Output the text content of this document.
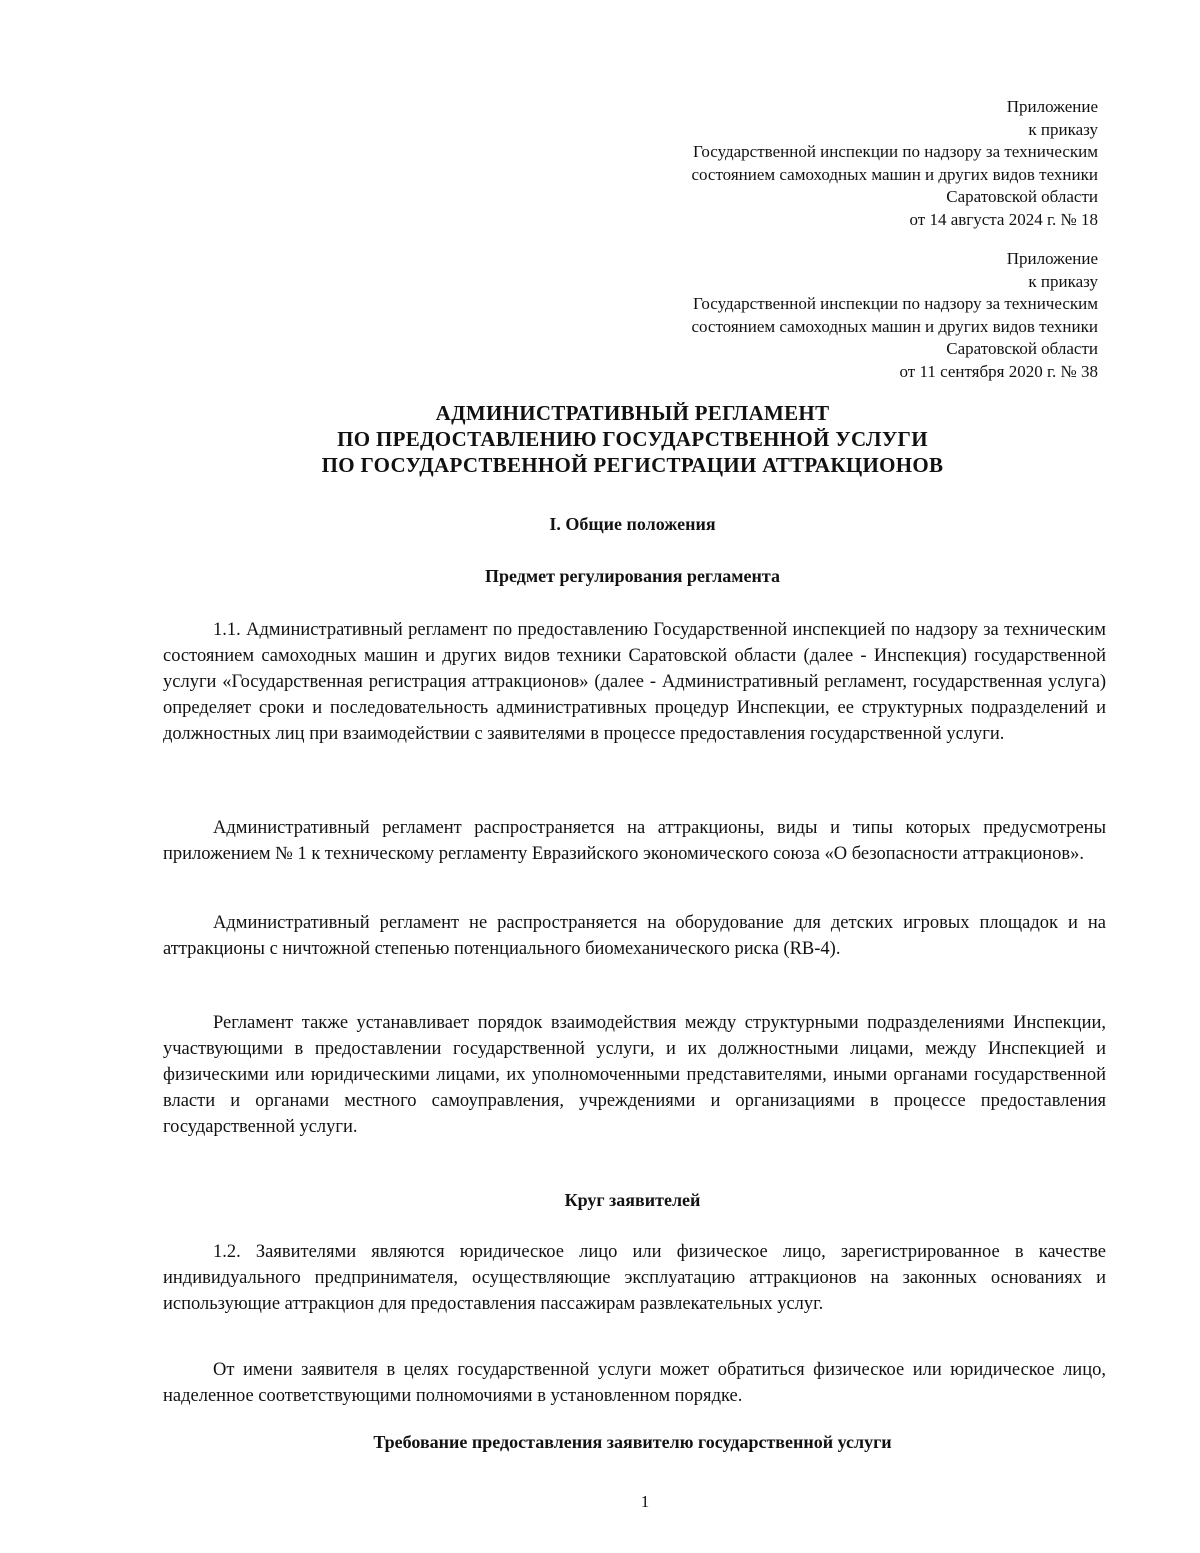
Приложение
к приказу
Государственной инспекции по надзору за техническим
состоянием самоходных машин и других видов техники
Саратовской области
от 14 августа 2024 г. № 18
Приложение
к приказу
Государственной инспекции по надзору за техническим
состоянием самоходных машин и других видов техники
Саратовской области
от 11 сентября 2020 г. № 38
АДМИНИСТРАТИВНЫЙ РЕГЛАМЕНТ
ПО ПРЕДОСТАВЛЕНИЮ ГОСУДАРСТВЕННОЙ УСЛУГИ
ПО ГОСУДАРСТВЕННОЙ РЕГИСТРАЦИИ АТТРАКЦИОНОВ
I. Общие положения
Предмет регулирования регламента
1.1. Административный регламент по предоставлению Государственной инспекцией по надзору за техническим состоянием самоходных машин и других видов техники Саратовской области (далее - Инспекция) государственной услуги «Государственная регистрация аттракционов» (далее - Административный регламент, государственная услуга) определяет сроки и последовательность административных процедур Инспекции, ее структурных подразделений и должностных лиц при взаимодействии с заявителями в процессе предоставления государственной услуги.
Административный регламент распространяется на аттракционы, виды и типы которых предусмотрены приложением № 1 к техническому регламенту Евразийского экономического союза «О безопасности аттракционов».
Административный регламент не распространяется на оборудование для детских игровых площадок и на аттракционы с ничтожной степенью потенциального биомеханического риска (RB-4).
Регламент также устанавливает порядок взаимодействия между структурными подразделениями Инспекции, участвующими в предоставлении государственной услуги, и их должностными лицами, между Инспекцией и физическими или юридическими лицами, их уполномоченными представителями, иными органами государственной власти и органами местного самоуправления, учреждениями и организациями в процессе предоставления государственной услуги.
Круг заявителей
1.2. Заявителями являются юридическое лицо или физическое лицо, зарегистрированное в качестве индивидуального предпринимателя, осуществляющие эксплуатацию аттракционов на законных основаниях и использующие аттракцион для предоставления пассажирам развлекательных услуг.
От имени заявителя в целях государственной услуги может обратиться физическое или юридическое лицо, наделенное соответствующими полномочиями в установленном порядке.
Требование предоставления заявителю государственной услуги
1
